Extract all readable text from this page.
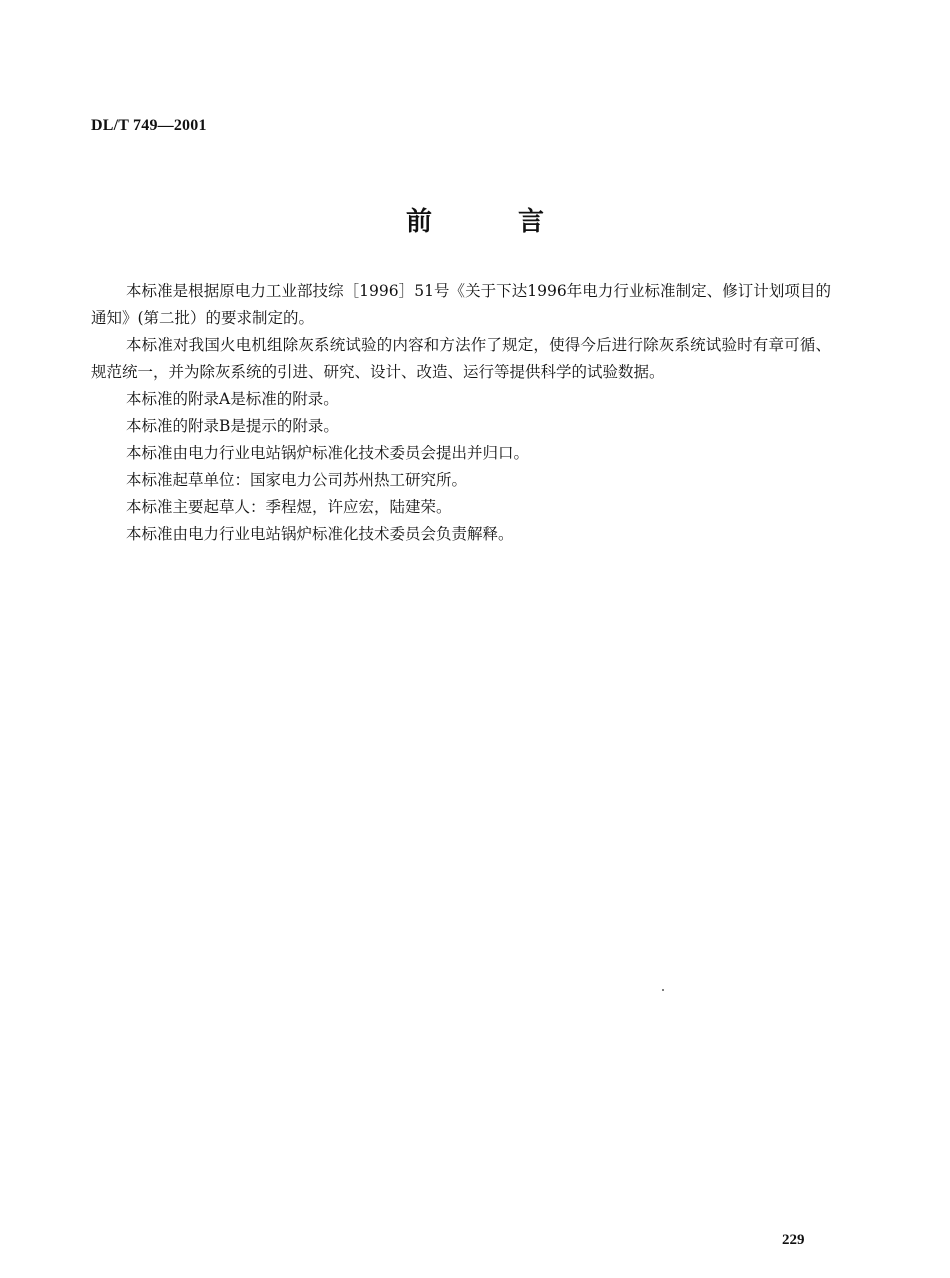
DL/T 749—2001
前	言

本标准是根据原电力工业部技综［1996］51号《关于下达1996年电力行业标准制定、修订计划项目的通知》(第二批）的要求制定的。

本标准对我国火电机组除灰系统试验的内容和方法作了规定，使得今后进行除灰系统试验时有章可循、规范统一，并为除灰系统的引进、研究、设计、改造、运行等提供科学的试验数据。

本标准的附录A是标准的附录。

本标准的附录B是提示的附录。

本标准由电力行业电站锅炉标准化技术委员会提出并归口。

本标准起草单位：国家电力公司苏州热工研究所。

本标准主要起草人：季程煜，许应宏，陆建荣。

本标准由电力行业电站锅炉标准化技术委员会负责解释。

229
